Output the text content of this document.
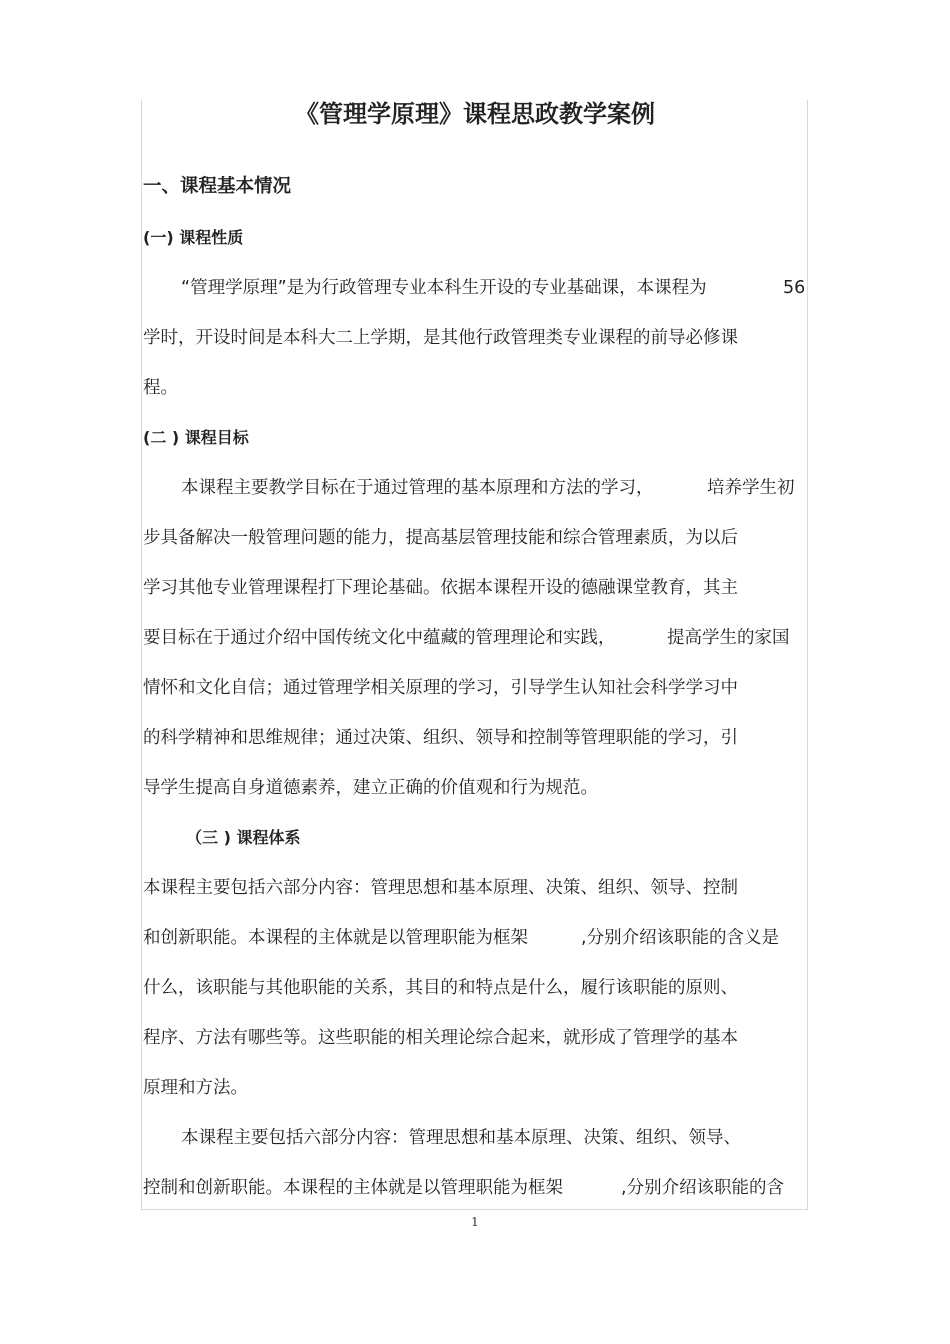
《管理学原理》课程思政教学案例
一、课程基本情况
(一) 课程性质
“管理学原理”是为行政管理专业本科生开设的专业基础课，本课程为	56
学时，开设时间是本科大二上学期，是其他行政管理类专业课程的前导必修课
程。
(二 ) 课程目标
本课程主要教学目标在于通过管理的基本原理和方法的学习，	培养学生初
步具备解决一般管理问题的能力，提高基层管理技能和综合管理素质，为以后
学习其他专业管理课程打下理论基础。依据本课程开设的德融课堂教育，其主
要目标在于通过介绍中国传统文化中蕴藏的管理理论和实践，	提高学生的家国
情怀和文化自信；通过管理学相关原理的学习，引导学生认知社会科学学习中
的科学精神和思维规律；通过决策、组织、领导和控制等管理职能的学习，引
导学生提高自身道德素养，建立正确的价值观和行为规范。
（三 ) 课程体系
本课程主要包括六部分内容：管理思想和基本原理、决策、组织、领导、控制
和创新职能。本课程的主体就是以管理职能为框架	,分别介绍该职能的含义是
什么，该职能与其他职能的关系，其目的和特点是什么，履行该职能的原则、
程序、方法有哪些等。这些职能的相关理论综合起来，就形成了管理学的基本
原理和方法。
本课程主要包括六部分内容：管理思想和基本原理、决策、组织、领导、
控制和创新职能。本课程的主体就是以管理职能为框架	,分别介绍该职能的含
1
